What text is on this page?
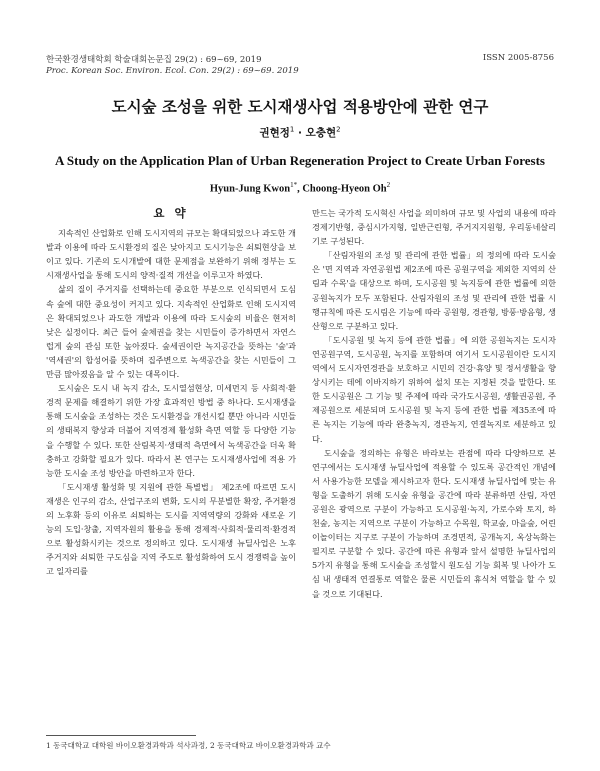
한국환경생태학회 학술대회논문집 29(2) : 69~69, 2019	ISSN 2005-8756
Proc. Korean Soc. Environ. Ecol. Con. 29(2) : 69~69. 2019
도시숲 조성을 위한 도시재생사업 적용방안에 관한 연구
권현정$^1$ · 오충현$^2$
A Study on the Application Plan of Urban Regeneration Project to Create Urban Forests
Hyun-Jung Kwon$^{1*}$, Choong-Hyeon Oh$^2$
요 약

지속적인 산업화로 인해 도시지역의 규모는 확대되었으나 과도한 개발과 이용에 따라 도시환경의 질은 낮아지고 도시기능은 쇠퇴현상을 보이고 있다. 기존의 도시개발에 대한 문제점을 보완하기 위해 정부는 도시재생사업을 통해 도시의 양적·질적 개선을 이루고자 하였다.

삶의 질이 주거지를 선택하는데 중요한 부분으로 인식되면서 도심 속 숲에 대한 중요성이 커지고 있다. 지속적인 산업화로 인해 도시지역은 확대되었으나 과도한 개발과 이용에 따라 도시숲의 비율은 현저히 낮은 실정이다. 최근 들어 숲체권을 찾는 시민들이 증가하면서 자연스럽게 숲의 관심 또한 높아졌다. 숲세권이란 녹지공간을 뜻하는 '숲'과 '역세권'의 합성어를 뜻하며 집주변으로 녹색공간을 찾는 시민들이 그만큼 많아졌음을 알 수 있는 대목이다.

도시숲은 도시 내 녹지 감소, 도시열섬현상, 미세먼지 등 사회적·환경적 문제를 해결하기 위한 가장 효과적인 방법 중 하나다. 도시재생을 통해 도시숲을 조성하는 것은 도시환경을 개선시킬 뿐만 아니라 시민들의 생태복지 향상과 더불어 지역경제 활성화 측면 역할 등 다양한 기능을 수행할 수 있다. 또한 산림복지·생태적 측면에서 녹색공간을 더욱 확충하고 강화할 필요가 있다. 따라서 본 연구는 도시재생사업에 적용 가능한 도시숲 조성 방안을 마련하고자 한다.

「도시재생 활성화 및 지원에 관한 특별법」 제2조에 따르면 도시재생은 인구의 감소, 산업구조의 변화, 도시의 무분별한 확장, 주거환경의 노후화 등의 이유로 쇠퇴하는 도시를 지역역량의 강화와 새로운 기능의 도입·창출, 지역자원의 활용을 통해 경제적·사회적·물리적·환경적으로 활성화시키는 것으로 정의하고 있다. 도시재생 뉴딜사업은 노후 주거지와 쇠퇴한 구도심을 지역 주도로 활성화하여 도시 경쟁력을 높이고 일자리를

만드는 국가적 도시혁신 사업을 의미하며 규모 및 사업의 내용에 따라 경제기반형, 중심시가지형, 일반근린형, 주거지지원형, 우리동네살리기로 구성된다.

「산림자원의 조성 및 관리에 관한 법률」의 정의에 따라 도시숲은 '면 지역과 자연공원법 제2조에 따른 공원구역을 제외한 지역의 산림과 수목'을 대상으로 하며, 도시공원 및 녹지등에 관한 법률에 의한 공원녹지가 모두 포함된다. 산림자원의 조성 및 관리에 관한 법률 시행규칙에 따른 도시림은 기능에 따라 공원형, 경관형, 방풍·방음형, 생산형으로 구분하고 있다.

「도시공원 및 녹지 등에 관한 법률」에 의한 공원녹지는 도시자연공원구역, 도시공원, 녹지를 포함하며 여기서 도시공원이란 도시지역에서 도시자연경관을 보호하고 시민의 건강·휴양 및 정서생활을 향상시키는 데에 이바지하기 위하여 설치 또는 지정된 것을 말한다. 또한 도시공원은 그 기능 및 주제에 따라 국가도시공원, 생활권공원, 주제공원으로 세분되며 도시공원 및 녹지 등에 관한 법률 제35조에 따른 녹지는 기능에 따라 완충녹지, 경관녹지, 연결녹지로 세분하고 있다.

도시숲을 정의하는 유형은 바라보는 관점에 따라 다양하므로 본 연구에서는 도시재생 뉴딜사업에 적용할 수 있도록 공간적인 개념에서 사용가능한 모델을 제시하고자 한다. 도시재생 뉴딜사업에 맞는 유형을 도출하기 위해 도시숲 유형을 공간에 따라 분류하면 산림, 자연공원은 광역으로 구분이 가능하고 도시공원·녹지, 가로수와 토지, 하천숲, 농지는 지역으로 구분이 가능하고 수목원, 학교숲, 마을숲, 어린이놀이터는 지구로 구분이 가능하며 조경면적, 공개녹지, 옥상녹화는 필지로 구분할 수 있다. 공간에 따른 유형과 앞서 설명한 뉴딜사업의 5가지 유형을 통해 도시숲을 조성할시 원도심 기능 회복 및 나아가 도심 내 생태적 연결통로 역할은 물론 시민들의 휴식처 역할을 할 수 있을 것으로 기대된다.

1 동국대학교 대학원 바이오환경과학과 석사과정, 2 동국대학교 바이오환경과학과 교수
